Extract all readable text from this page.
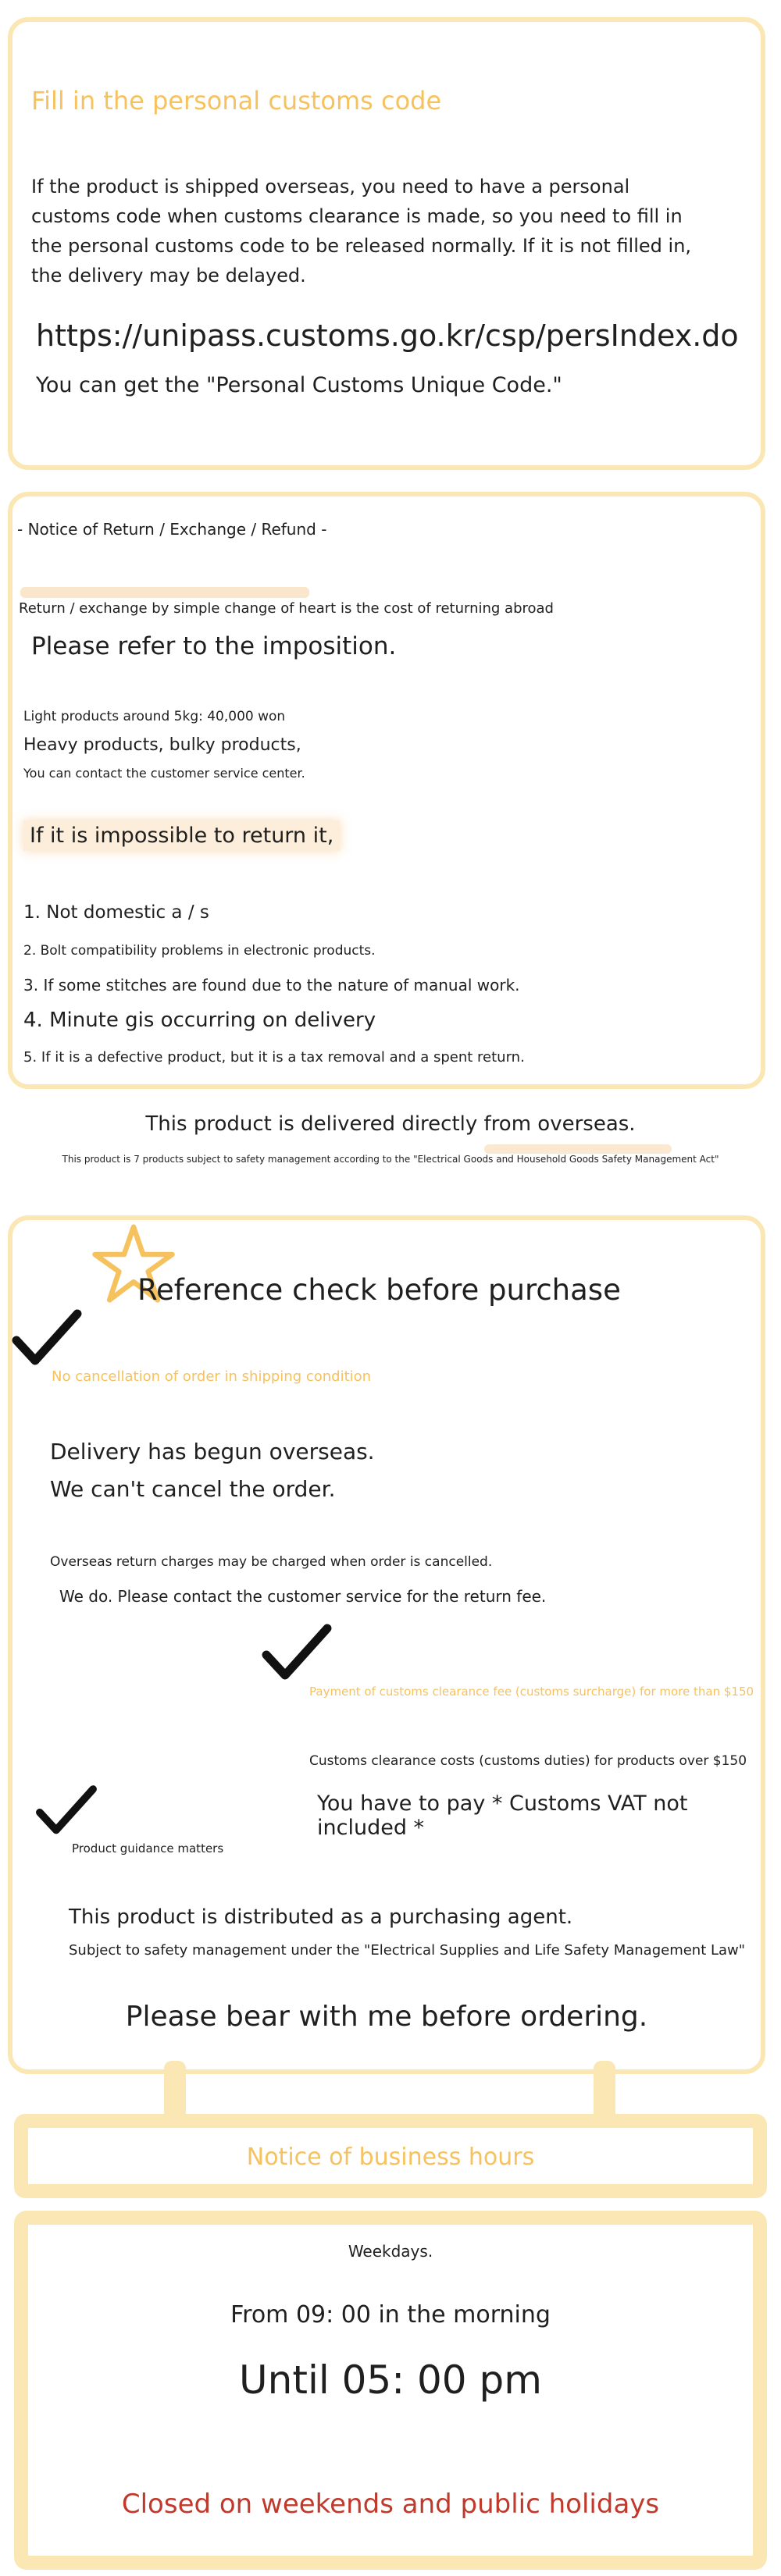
Fill in the personal customs code
If the product is shipped overseas, you need to have a personal customs code when customs clearance is made, so you need to fill in the personal customs code to be released normally. If it is not filled in, the delivery may be delayed.
https://unipass.customs.go.kr/csp/persIndex.do
You can get the "Personal Customs Unique Code."
- Notice of Return / Exchange / Refund -
Return / exchange by simple change of heart is the cost of returning abroad
Please refer to the imposition.
Light products around 5kg: 40,000 won
Heavy products, bulky products,
You can contact the customer service center.
If it is impossible to return it,
1. Not domestic a / s
2. Bolt compatibility problems in electronic products.
3. If some stitches are found due to the nature of manual work.
4. Minute gis occurring on delivery
5. If it is a defective product, but it is a tax removal and a spent return.
This product is delivered directly from overseas.
This product is 7 products subject to safety management according to the "Electrical Goods and Household Goods Safety Management Act"
Reference check before purchase
No cancellation of order in shipping condition
Delivery has begun overseas.
We can't cancel the order.
Overseas return charges may be charged when order is cancelled.
We do. Please contact the customer service for the return fee.
Payment of customs clearance fee (customs surcharge) for more than $150
Customs clearance costs (customs duties) for products over $150
You have to pay * Customs VAT not included *
Product guidance matters
This product is distributed as a purchasing agent.
Subject to safety management under the "Electrical Supplies and Life Safety Management Law"
Please bear with me before ordering.
Notice of business hours
Weekdays.
From 09: 00 in the morning
Until 05: 00 pm
Closed on weekends and public holidays
